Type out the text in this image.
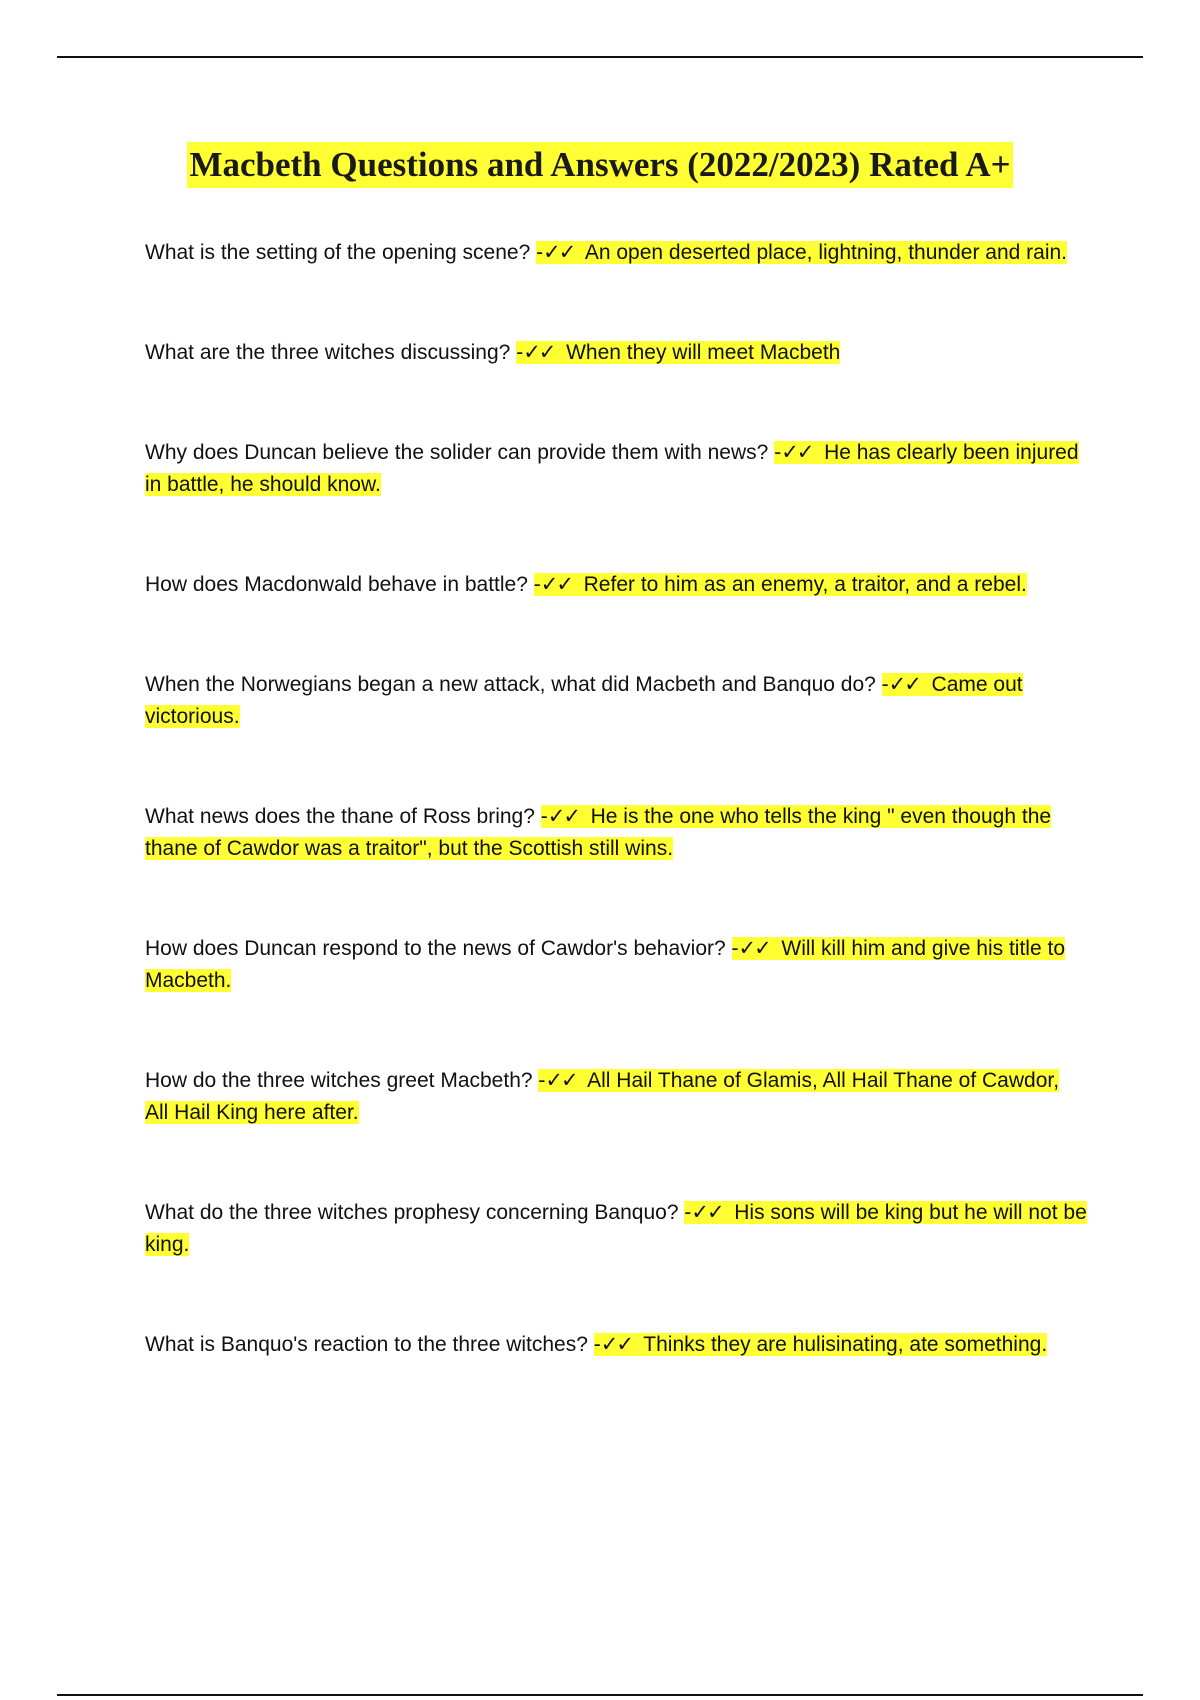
Macbeth Questions and Answers (2022/2023) Rated A+
What is the setting of the opening scene? -✓✓ An open deserted place, lightning, thunder and rain.
What are the three witches discussing? -✓✓ When they will meet Macbeth
Why does Duncan believe the solider can provide them with news? -✓✓ He has clearly been injured in battle, he should know.
How does Macdonwald behave in battle? -✓✓ Refer to him as an enemy, a traitor, and a rebel.
When the Norwegians began a new attack, what did Macbeth and Banquo do? -✓✓ Came out victorious.
What news does the thane of Ross bring? -✓✓ He is the one who tells the king " even though the thane of Cawdor was a traitor", but the Scottish still wins.
How does Duncan respond to the news of Cawdor's behavior? -✓✓ Will kill him and give his title to Macbeth.
How do the three witches greet Macbeth? -✓✓ All Hail Thane of Glamis, All Hail Thane of Cawdor, All Hail King here after.
What do the three witches prophesy concerning Banquo? -✓✓ His sons will be king but he will not be king.
What is Banquo's reaction to the three witches? -✓✓ Thinks they are hulisinating, ate something.
